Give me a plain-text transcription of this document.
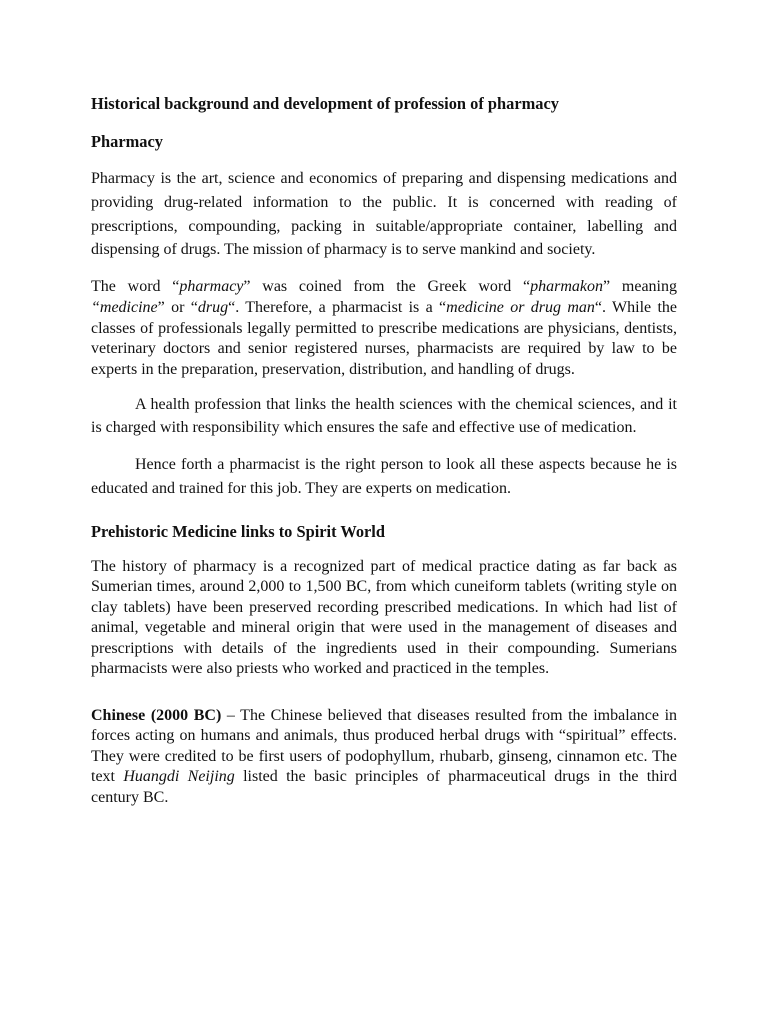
Historical background and development of profession of pharmacy
Pharmacy

Pharmacy is the art, science and economics of preparing and dispensing medications and providing drug-related information to the public. It is concerned with reading of prescriptions, compounding, packing in suitable/appropriate container, labelling and dispensing of drugs. The mission of pharmacy is to serve mankind and society.

The word “pharmacy” was coined from the Greek word “pharmakon” meaning “medicine” or “drug“. Therefore, a pharmacist is a “medicine or drug man“. While the classes of professionals legally permitted to prescribe medications are physicians, dentists, veterinary doctors and senior registered nurses, pharmacists are required by law to be experts in the preparation, preservation, distribution, and handling of drugs.

A health profession that links the health sciences with the chemical sciences, and it is charged with responsibility which ensures the safe and effective use of medication.

Hence forth a pharmacist is the right person to look all these aspects because he is educated and trained for this job. They are experts on medication.

Prehistoric Medicine links to Spirit World

The history of pharmacy is a recognized part of medical practice dating as far back as Sumerian times, around 2,000 to 1,500 BC, from which cuneiform tablets (writing style on clay tablets) have been preserved recording prescribed medications. In which had list of animal, vegetable and mineral origin that were used in the management of diseases and prescriptions with details of the ingredients used in their compounding. Sumerians pharmacists were also priests who worked and practiced in the temples.

Chinese (2000 BC) – The Chinese believed that diseases resulted from the imbalance in forces acting on humans and animals, thus produced herbal drugs with “spiritual” effects. They were credited to be first users of podophyllum, rhubarb, ginseng, cinnamon etc. The text Huangdi Neijing listed the basic principles of pharmaceutical drugs in the third century BC.
